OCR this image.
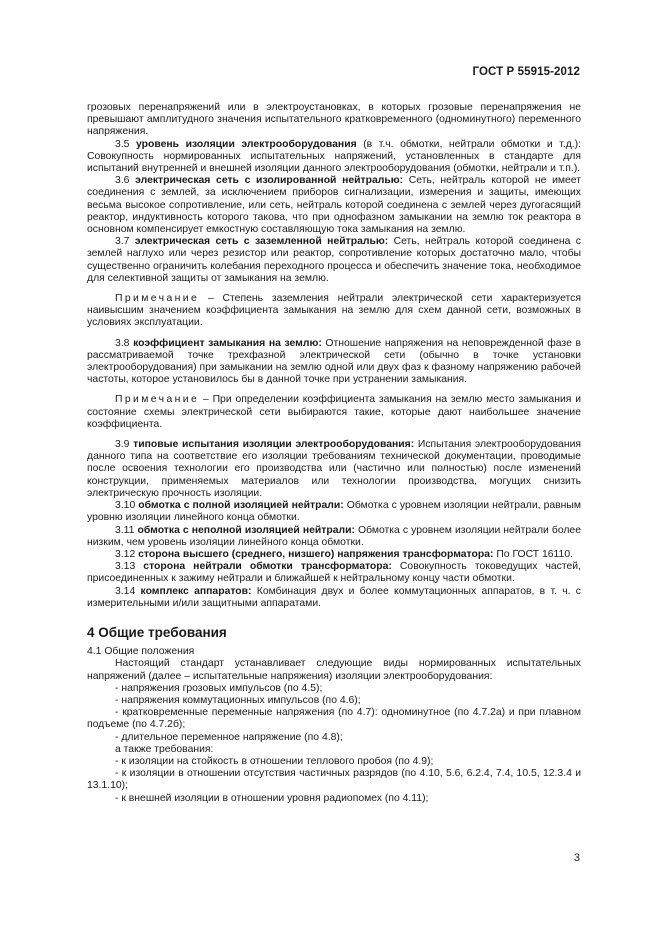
ГОСТ Р 55915-2012

грозовых перенапряжений или в электроустановках, в которых грозовые перенапряжения не превышают амплитудного значения испытательного кратковременного (одноминутного) переменного напряжения.

3.5 уровень изоляции электрооборудования (в т.ч. обмотки, нейтрали обмотки и т.д.): Совокупность нормированных испытательных напряжений, установленных в стандарте для испытаний внутренней и внешней изоляции данного электрооборудования (обмотки, нейтрали и т.п.).

3.6 электрическая сеть с изолированной нейтралью: Сеть, нейтраль которой не имеет соединения с землей, за исключением приборов сигнализации, измерения и защиты, имеющих весьма высокое сопротивление, или сеть, нейтраль которой соединена с землей через дугогасящий реактор, индуктивность которого такова, что при однофазном замыкании на землю ток реактора в основном компенсирует емкостную составляющую тока замыкания на землю.

3.7 электрическая сеть с заземленной нейтралью: Сеть, нейтраль которой соединена с землей наглухо или через резистор или реактор, сопротивление которых достаточно мало, чтобы существенно ограничить колебания переходного процесса и обеспечить значение тока, необходимое для селективной защиты от замыкания на землю.

Примечание – Степень заземления нейтрали электрической сети характеризуется наивысшим значением коэффициента замыкания на землю для схем данной сети, возможных в условиях эксплуатации.

3.8 коэффициент замыкания на землю: Отношение напряжения на неповрежденной фазе в рассматриваемой точке трехфазной электрической сети (обычно в точке установки электрооборудования) при замыкании на землю одной или двух фаз к фазному напряжению рабочей частоты, которое установилось бы в данной точке при устранении замыкания.

Примечание – При определении коэффициента замыкания на землю место замыкания и состояние схемы электрической сети выбираются такие, которые дают наибольшее значение коэффициента.

3.9 типовые испытания изоляции электрооборудования: Испытания электрооборудования данного типа на соответствие его изоляции требованиям технической документации, проводимые после освоения технологии его производства или (частично или полностью) после изменений конструкции, применяемых материалов или технологии производства, могущих снизить электрическую прочность изоляции.

3.10 обмотка с полной изоляцией нейтрали: Обмотка с уровнем изоляции нейтрали, равным уровню изоляции линейного конца обмотки.

3.11 обмотка с неполной изоляцией нейтрали: Обмотка с уровнем изоляции нейтрали более низким, чем уровень изоляции линейного конца обмотки.

3.12 сторона высшего (среднего, низшего) напряжения трансформатора: По ГОСТ 16110.

3.13 сторона нейтрали обмотки трансформатора: Совокупность токоведущих частей, присоединенных к зажиму нейтрали и ближайшей к нейтральному концу части обмотки.

3.14 комплекс аппаратов: Комбинация двух и более коммутационных аппаратов, в т. ч. с измерительными и/или защитными аппаратами.

4 Общие требования

4.1 Общие положения

Настоящий стандарт устанавливает следующие виды нормированных испытательных напряжений (далее – испытательные напряжения) изоляции электрооборудования:

- напряжения грозовых импульсов (по 4.5);

- напряжения коммутационных импульсов (по 4.6);

- кратковременные переменные напряжения (по 4.7): одноминутное (по 4.7.2а) и при плавном подъеме (по 4.7.2б);

- длительное переменное напряжение (по 4.8);

а также требования:

- к изоляции на стойкость в отношении теплового пробоя (по 4.9);

- к изоляции в отношении отсутствия частичных разрядов (по 4.10, 5.6, 6.2.4, 7.4, 10.5, 12.3.4 и 13.1.10);

- к внешней изоляции в отношении уровня радиопомех (по 4.11);

3
